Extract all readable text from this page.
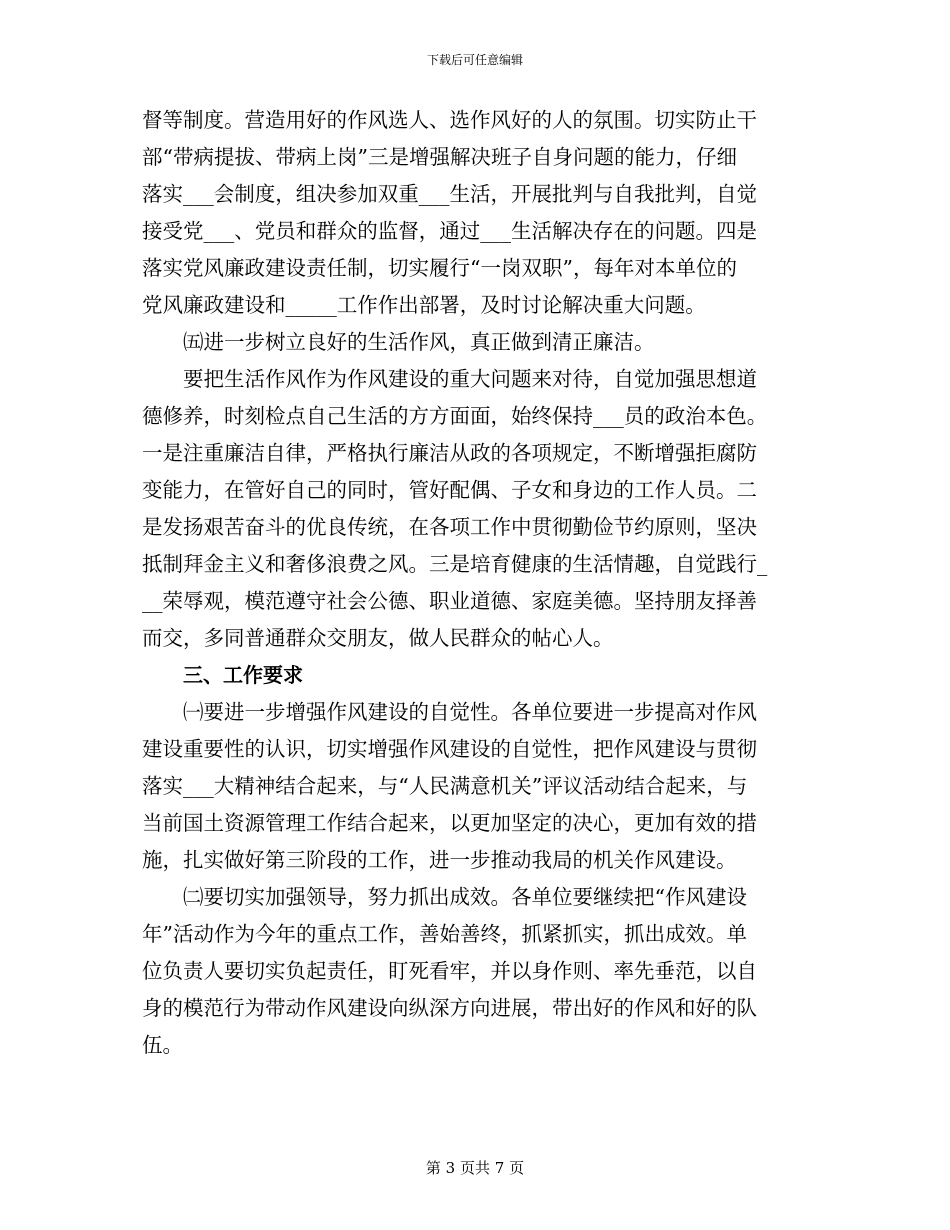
下载后可任意编辑
督等制度。营造用好的作风选人、选作风好的人的氛围。切实防止干
部“带病提拔、带病上岗”三是增强解决班子自身问题的能力，仔细
落实___会制度，组决参加双重___生活，开展批判与自我批判，自觉
接受党___、党员和群众的监督，通过___生活解决存在的问题。四是
落实党风廉政建设责任制，切实履行“一岗双职”，每年对本单位的
党风廉政建设和_____工作作出部署，及时讨论解决重大问题。
㈤进一步树立良好的生活作风，真正做到清正廉洁。
要把生活作风作为作风建设的重大问题来对待，自觉加强思想道
德修养，时刻检点自己生活的方方面面，始终保持___员的政治本色。
一是注重廉洁自律，严格执行廉洁从政的各项规定，不断增强拒腐防
变能力，在管好自己的同时，管好配偶、子女和身边的工作人员。二
是发扬艰苦奋斗的优良传统，在各项工作中贯彻勤俭节约原则，坚决
抵制拜金主义和奢侈浪费之风。三是培育健康的生活情趣，自觉践行_
__荣辱观，模范遵守社会公德、职业道德、家庭美德。坚持朋友择善
而交，多同普通群众交朋友，做人民群众的帖心人。
三、工作要求
㈠要进一步增强作风建设的自觉性。各单位要进一步提高对作风
建设重要性的认识，切实增强作风建设的自觉性，把作风建设与贯彻
落实___大精神结合起来，与“人民满意机关”评议活动结合起来，与
当前国土资源管理工作结合起来，以更加坚定的决心，更加有效的措
施，扎实做好第三阶段的工作，进一步推动我局的机关作风建设。
㈡要切实加强领导，努力抓出成效。各单位要继续把“作风建设
年”活动作为今年的重点工作，善始善终，抓紧抓实，抓出成效。单
位负责人要切实负起责任，盯死看牢，并以身作则、率先垂范，以自
身的模范行为带动作风建设向纵深方向进展，带出好的作风和好的队
伍。
第 3 页共 7 页
